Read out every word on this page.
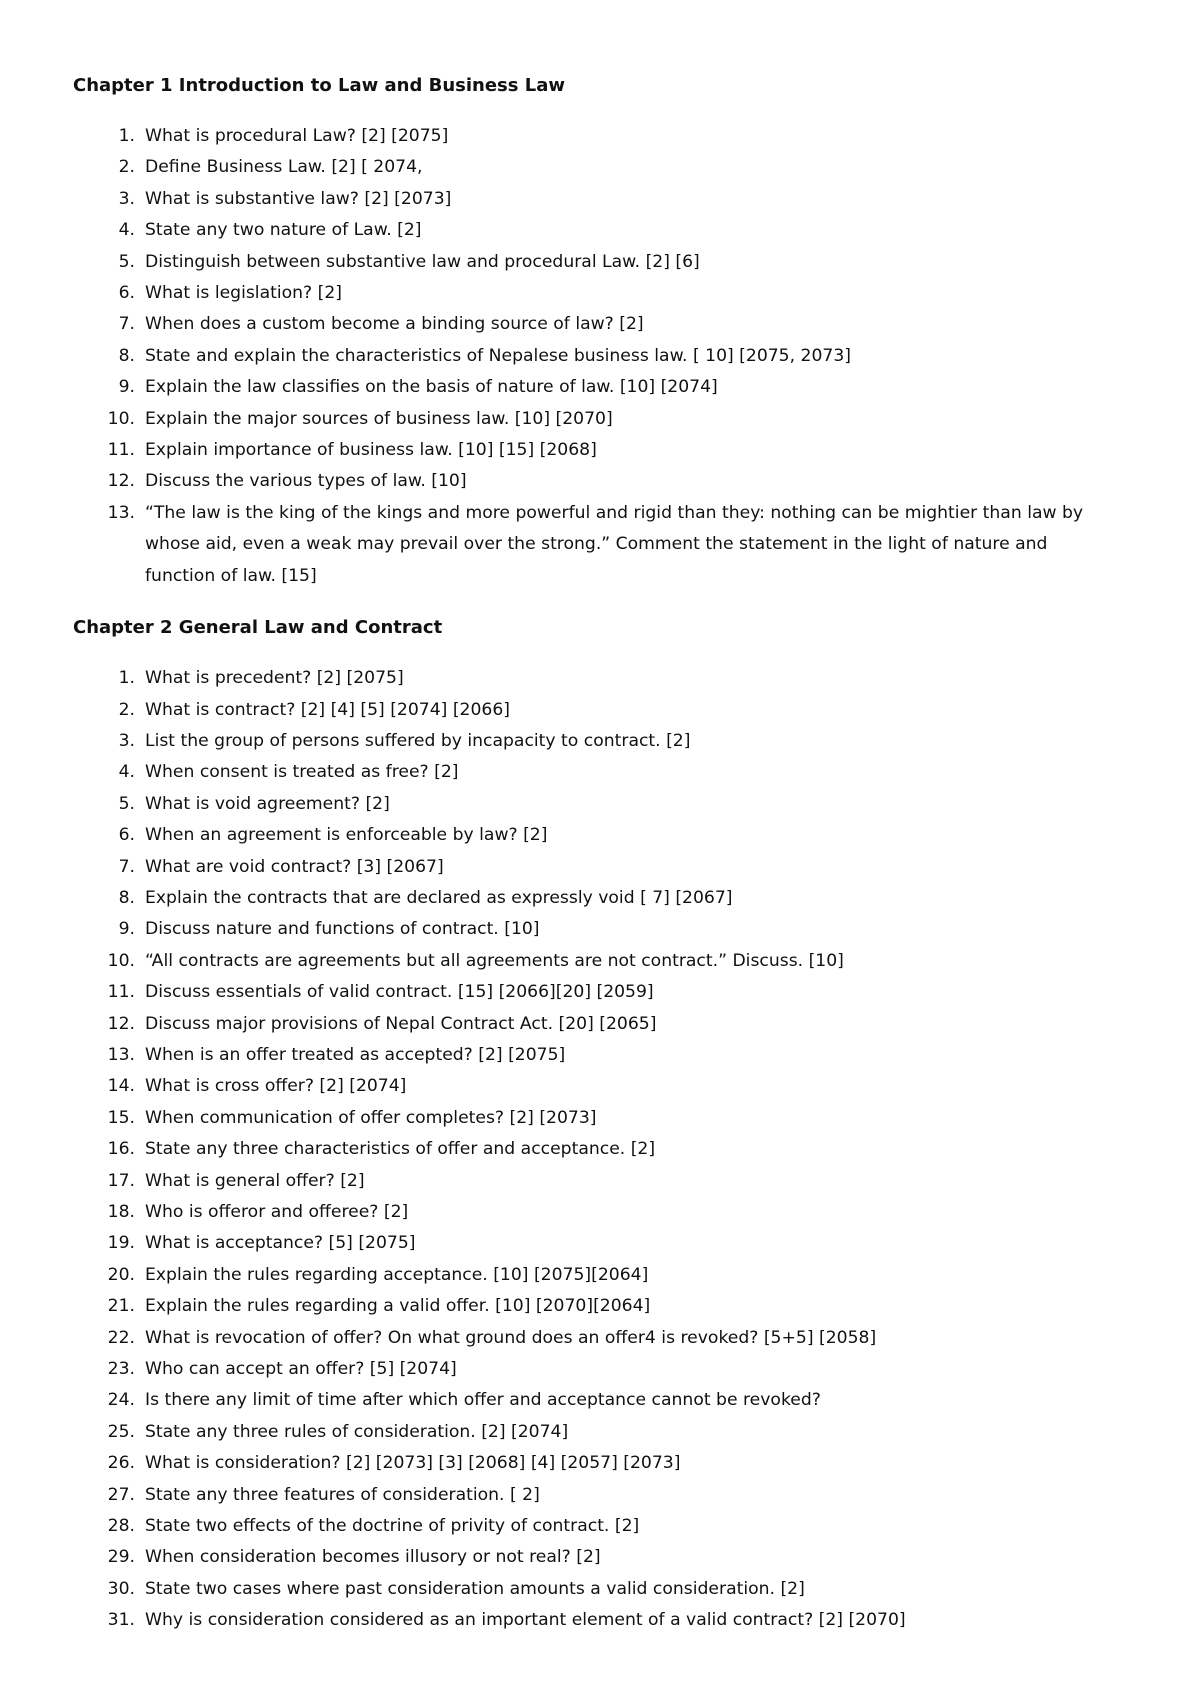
Chapter 1 Introduction to Law and Business Law
1. What is procedural Law? [2] [2075]
2. Define Business Law. [2] [ 2074,
3. What is substantive law? [2] [2073]
4. State any two nature of Law. [2]
5. Distinguish between substantive law and procedural Law. [2] [6]
6. What is legislation? [2]
7. When does a custom become a binding source of law? [2]
8. State and explain the characteristics of Nepalese business law. [ 10] [2075, 2073]
9. Explain the law classifies on the basis of nature of law. [10] [2074]
10. Explain the major sources of business law. [10] [2070]
11. Explain importance of business law. [10] [15] [2068]
12. Discuss the various types of law. [10]
13. “The law is the king of the kings and more powerful and rigid than they: nothing can be mightier than law by whose aid, even a weak may prevail over the strong.” Comment the statement in the light of nature and function of law. [15]
Chapter 2 General Law and Contract
1. What is precedent? [2] [2075]
2. What is contract? [2] [4] [5] [2074] [2066]
3. List the group of persons suffered by incapacity to contract. [2]
4. When consent is treated as free? [2]
5. What is void agreement? [2]
6. When an agreement is enforceable by law? [2]
7. What are void contract? [3] [2067]
8. Explain the contracts that are declared as expressly void [ 7] [2067]
9. Discuss nature and functions of contract. [10]
10. “All contracts are agreements but all agreements are not contract.” Discuss. [10]
11. Discuss essentials of valid contract. [15] [2066][20] [2059]
12. Discuss major provisions of Nepal Contract Act. [20] [2065]
13. When is an offer treated as accepted? [2] [2075]
14. What is cross offer? [2] [2074]
15. When communication of offer completes? [2] [2073]
16. State any three characteristics of offer and acceptance. [2]
17. What is general offer? [2]
18. Who is offeror and offeree? [2]
19. What is acceptance? [5] [2075]
20. Explain the rules regarding acceptance. [10] [2075][2064]
21. Explain the rules regarding a valid offer. [10] [2070][2064]
22. What is revocation of offer? On what ground does an offer4 is revoked? [5+5] [2058]
23. Who can accept an offer? [5] [2074]
24. Is there any limit of time after which offer and acceptance cannot be revoked?
25. State any three rules of consideration. [2] [2074]
26. What is consideration? [2] [2073] [3] [2068] [4] [2057] [2073]
27. State any three features of consideration. [ 2]
28. State two effects of the doctrine of privity of contract. [2]
29. When consideration becomes illusory or not real? [2]
30. State two cases where past consideration amounts a valid consideration. [2]
31. Why is consideration considered as an important element of a valid contract? [2] [2070]
